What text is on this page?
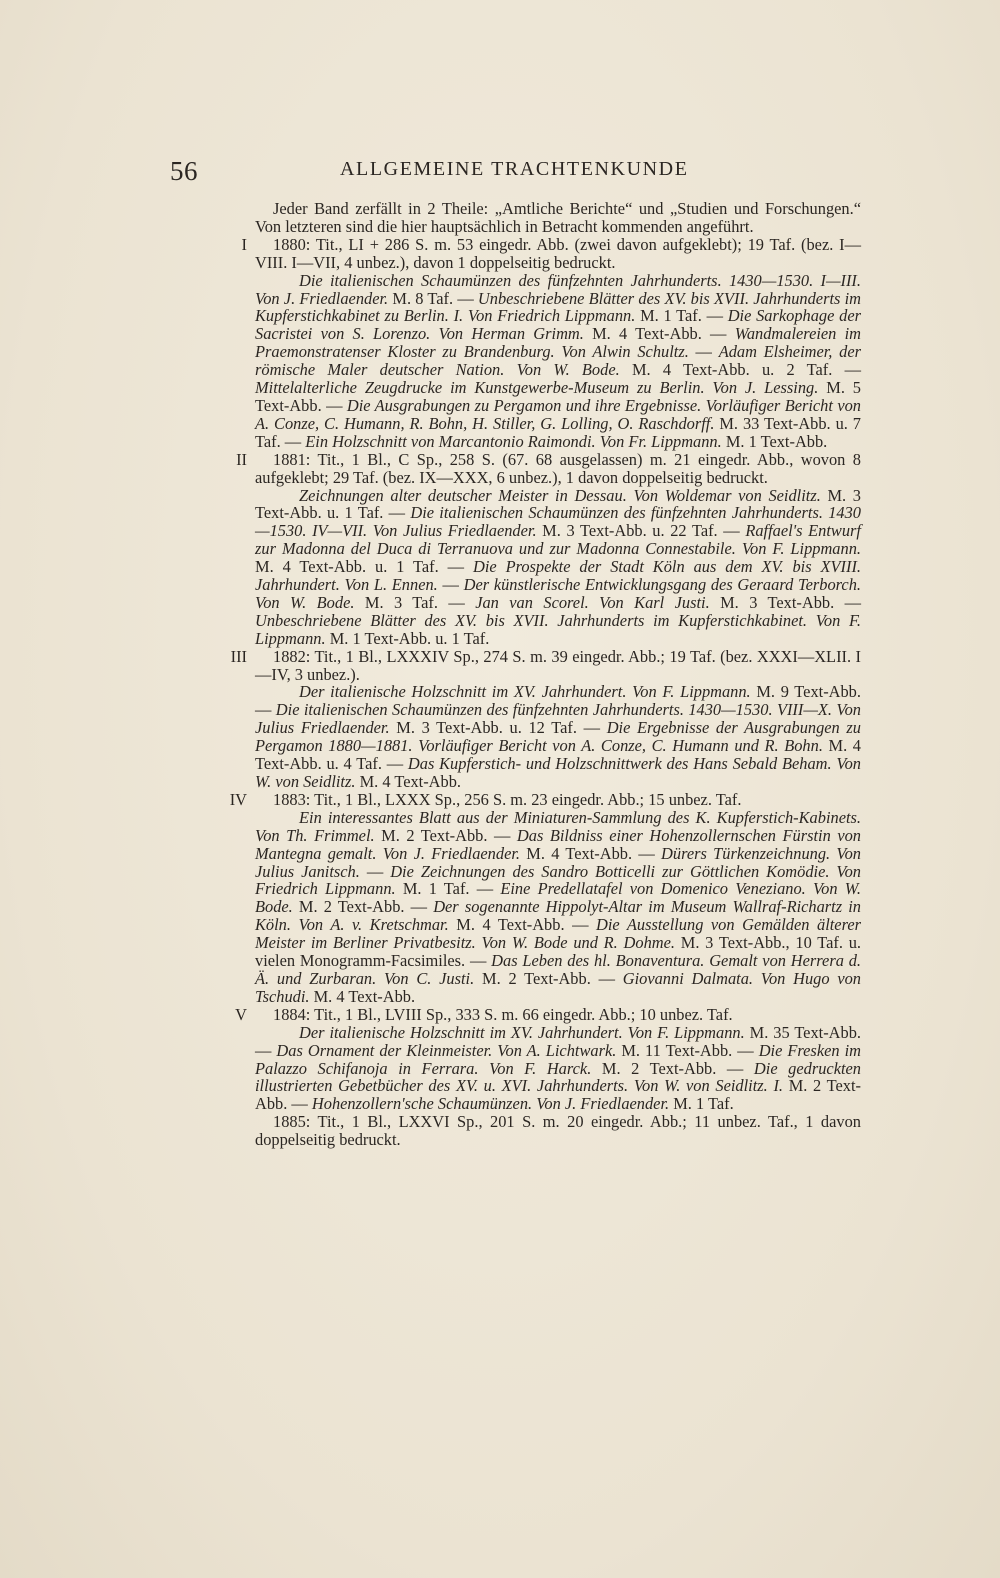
56	ALLGEMEINE TRACHTENKUNDE

Jeder Band zerfällt in 2 Theile: „Amtliche Berichte“ und „Studien und Forschungen.“ Von letzteren sind die hier hauptsächlich in Betracht kommenden angeführt.

I	1880: Tit., LI + 286 S. m. 53 eingedr. Abb. (zwei davon aufgeklebt); 19 Taf. (bez. I—VIII. I—VII, 4 unbez.), davon 1 doppelseitig bedruckt.

Die italienischen Schaumünzen des fünfzehnten Jahrhunderts. 1430—1530. I—III. Von J. Friedlaender. M. 8 Taf. — Unbeschriebene Blätter des XV. bis XVII. Jahrhunderts im Kupferstichkabinet zu Berlin. I. Von Friedrich Lippmann. M. 1 Taf. — Die Sarkophage der Sacristei von S. Lorenzo. Von Herman Grimm. M. 4 Text-Abb. — Wandmalereien im Praemonstratenser Kloster zu Brandenburg. Von Alwin Schultz. — Adam Elsheimer, der römische Maler deutscher Nation. Von W. Bode. M. 4 Text-Abb. u. 2 Taf. — Mittelalterliche Zeugdrucke im Kunstgewerbe-Museum zu Berlin. Von J. Lessing. M. 5 Text-Abb. — Die Ausgrabungen zu Pergamon und ihre Ergebnisse. Vorläufiger Bericht von A. Conze, C. Humann, R. Bohn, H. Stiller, G. Lolling, O. Raschdorff. M. 33 Text-Abb. u. 7 Taf. — Ein Holzschnitt von Marcantonio Raimondi. Von Fr. Lippmann. M. 1 Text-Abb.

II	1881: Tit., 1 Bl., C Sp., 258 S. (67. 68 ausgelassen) m. 21 eingedr. Abb., wovon 8 aufgeklebt; 29 Taf. (bez. IX—XXX, 6 unbez.), 1 davon doppelseitig bedruckt.

Zeichnungen alter deutscher Meister in Dessau. Von Woldemar von Seidlitz. M. 3 Text-Abb. u. 1 Taf. — Die italienischen Schaumünzen des fünfzehnten Jahrhunderts. 1430—1530. IV—VII. Von Julius Friedlaender. M. 3 Text-Abb. u. 22 Taf. — Raffael's Entwurf zur Madonna del Duca di Terranuova und zur Madonna Connestabile. Von F. Lippmann. M. 4 Text-Abb. u. 1 Taf. — Die Prospekte der Stadt Köln aus dem XV. bis XVIII. Jahrhundert. Von L. Ennen. — Der künstlerische Entwicklungsgang des Geraard Terborch. Von W. Bode. M. 3 Taf. — Jan van Scorel. Von Karl Justi. M. 3 Text-Abb. — Unbeschriebene Blätter des XV. bis XVII. Jahrhunderts im Kupferstichkabinet. Von F. Lippmann. M. 1 Text-Abb. u. 1 Taf.

III	1882: Tit., 1 Bl., LXXXIV Sp., 274 S. m. 39 eingedr. Abb.; 19 Taf. (bez. XXXI—XLII. I—IV, 3 unbez.).

Der italienische Holzschnitt im XV. Jahrhundert. Von F. Lippmann. M. 9 Text-Abb. — Die italienischen Schaumünzen des fünfzehnten Jahrhunderts. 1430—1530. VIII—X. Von Julius Friedlaender. M. 3 Text-Abb. u. 12 Taf. — Die Ergebnisse der Ausgrabungen zu Pergamon 1880—1881. Vorläufiger Bericht von A. Conze, C. Humann und R. Bohn. M. 4 Text-Abb. u. 4 Taf. — Das Kupferstich- und Holzschnittwerk des Hans Sebald Beham. Von W. von Seidlitz. M. 4 Text-Abb.

IV	1883: Tit., 1 Bl., LXXX Sp., 256 S. m. 23 eingedr. Abb.; 15 unbez. Taf.

Ein interessantes Blatt aus der Miniaturen-Sammlung des K. Kupferstich-Kabinets. Von Th. Frimmel. M. 2 Text-Abb. — Das Bildniss einer Hohenzollernschen Fürstin von Mantegna gemalt. Von J. Friedlaender. M. 4 Text-Abb. — Dürers Türkenzeichnung. Von Julius Janitsch. — Die Zeichnungen des Sandro Botticelli zur Göttlichen Komödie. Von Friedrich Lippmann. M. 1 Taf. — Eine Predellatafel von Domenico Veneziano. Von W. Bode. M. 2 Text-Abb. — Der sogenannte Hippolyt-Altar im Museum Wallraf-Richartz in Köln. Von A. v. Kretschmar. M. 4 Text-Abb. — Die Ausstellung von Gemälden älterer Meister im Berliner Privatbesitz. Von W. Bode und R. Dohme. M. 3 Text-Abb., 10 Taf. u. vielen Monogramm-Facsimiles. — Das Leben des hl. Bonaventura. Gemalt von Herrera d. Ä. und Zurbaran. Von C. Justi. M. 2 Text-Abb. — Giovanni Dalmata. Von Hugo von Tschudi. M. 4 Text-Abb.

V	1884: Tit., 1 Bl., LVIII Sp., 333 S. m. 66 eingedr. Abb.; 10 unbez. Taf.

Der italienische Holzschnitt im XV. Jahrhundert. Von F. Lippmann. M. 35 Text-Abb. — Das Ornament der Kleinmeister. Von A. Lichtwark. M. 11 Text-Abb. — Die Fresken im Palazzo Schifanoja in Ferrara. Von F. Harck. M. 2 Text-Abb. — Die gedruckten illustrierten Gebetbücher des XV. u. XVI. Jahrhunderts. Von W. von Seidlitz. I. M. 2 Text-Abb. — Hohenzollern'sche Schaumünzen. Von J. Friedlaender. M. 1 Taf.

1885: Tit., 1 Bl., LXXVI Sp., 201 S. m. 20 eingedr. Abb.; 11 unbez. Taf., 1 davon doppelseitig bedruckt.
